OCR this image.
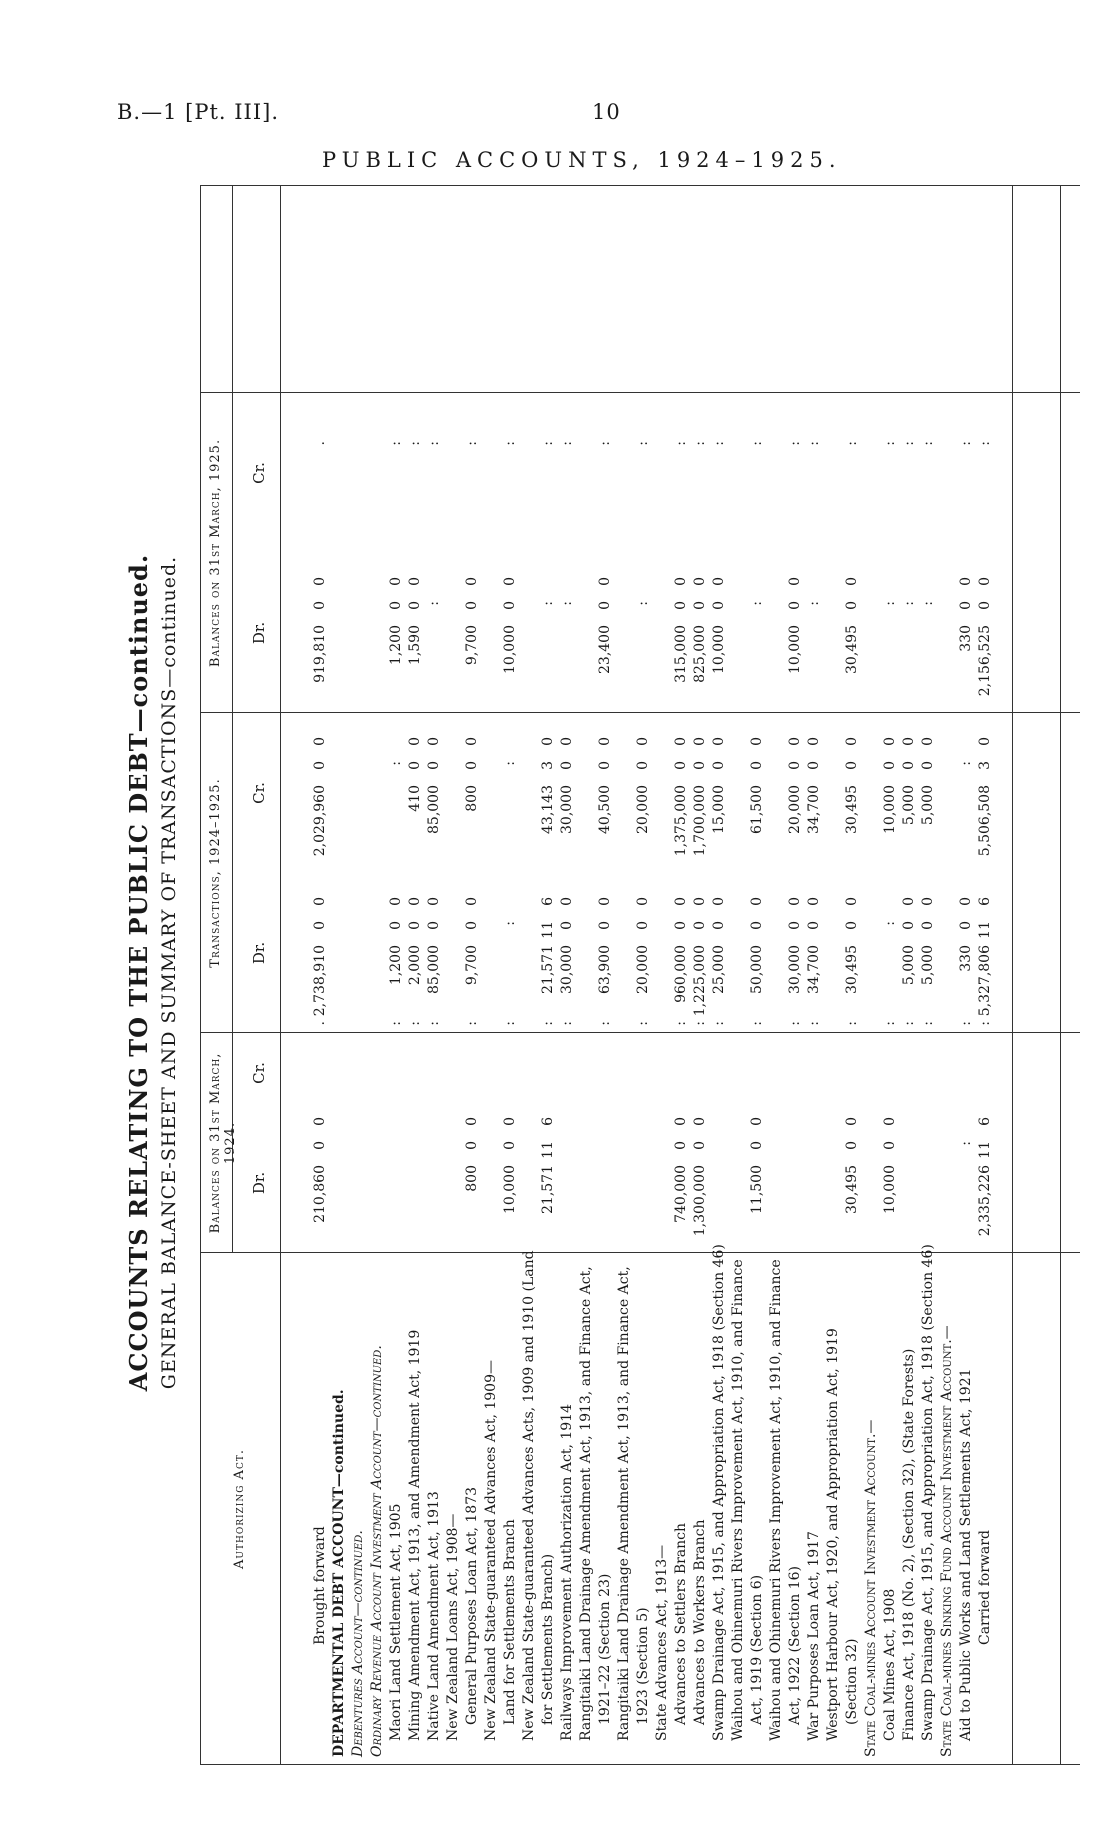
B.—1 [Pt. III].	10
PUBLIC ACCOUNTS, 1924–1925.
ACCOUNTS RELATING TO THE PUBLIC DEBT—continued. GENERAL BALANCE-SHEET AND SUMMARY OF TRANSACTIONS—continued.
Authorizing Act.
Balances on 31st March, 1924.
Transactions, 1924–1925.
Balances on 31st March, 1925.
Dr.
Cr.
Dr.
Cr.
Dr.
Cr.
Brought forward
210,86000
.
2,738,91000
2,029,96000
919,81000
.
DEPARTMENTAL DEBT ACCOUNT—continued. Debentures Account—continued. Ordinary Revenue Account Investment Account—continued. Maori Land Settlement Act, 1905
:
1,20000
:
1,20000
:
Mining Amendment Act, 1913, and Amendment Act, 1919
:
2,00000
41000
1,59000
:
Native Land Amendment Act, 1913
:
85,00000
85,00000
:
:
New Zealand Loans Act, 1908— General Purposes Loan Act, 1873
80000
:
9,70000
80000
9,70000
:
New Zealand State-guaranteed Advances Act, 1909— Land for Settlements Branch
10,00000
:
:
:
10,00000
:
New Zealand State-guaranteed Advances Acts, 1909 and 1910 (Land for Settlements Branch)
21,571116
:
21,571116
43,14330
:
:
Railways Improvement Authorization Act, 1914
:
30,00000
30,00000
:
:
Rangitaiki Land Drainage Amendment Act, 1913, and Finance Act, 1921–22 (Section 23)
:
63,90000
40,50000
23,40000
:
Rangitaiki Land Drainage Amendment Act, 1913, and Finance Act, 1923 (Section 5)
:
20,00000
20,00000
:
:
State Advances Act, 1913— Advances to Settlers Branch
740,00000
:
960,00000
1,375,00000
315,00000
:
Advances to Workers Branch
1,300,00000
:
1,225,00000
1,700,00000
825,00000
:
Swamp Drainage Act, 1915, and Appropriation Act, 1918 (Section 46)
:
25,00000
15,00000
10,00000
:
Waihou and Ohinemuri Rivers Improvement Act, 1910, and Finance Act, 1919 (Section 6)
11,50000
:
50,00000
61,50000
:
:
Waihou and Ohinemuri Rivers Improvement Act, 1910, and Finance Act, 1922 (Section 16)
:
30,00000
20,00000
10,00000
:
War Purposes Loan Act, 1917
:
34,70000
34,70000
:
:
Westport Harbour Act, 1920, and Appropriation Act, 1919 (Section 32)
30,49500
:
30,49500
30,49500
30,49500
:
State Coal-mines Account Investment Account.— Coal Mines Act, 1908
10,00000
:
:
10,00000
:
:
Finance Act, 1918 (No. 2), (Section 32), (State Forests)
:
5,00000
5,00000
:
:
Swamp Drainage Act, 1915, and Appropriation Act, 1918 (Section 46)
:
5,00000
5,00000
:
:
State Coal-mines Sinking Fund Account Investment Account.— Aid to Public Works and Land Settlements Act, 1921
:
:
33000
:
33000
:
Carried forward
2,335,226116
:
5,327,806116
5,506,50830
2,156,52500
:
